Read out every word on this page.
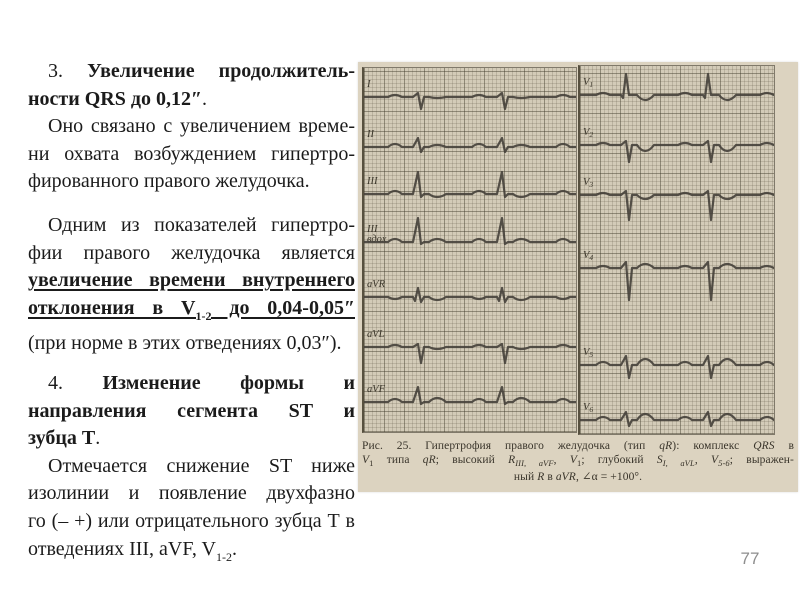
3. Увеличение продолжитель-
ности QRS до 0,12″.
Оно связано с увеличением време-
ни охвата возбуждением гипертро-
фированного правого желудочка.
Одним из показателей гипертро-
фии правого желудочка является
увеличение времени внутреннего
отклонения в $V_{1-2}$ до 0,04-0,05″
(при норме в этих отведениях 0,03″).
4. Изменение формы и
направления сегмента ST и
зубца Т.
Отмечается снижение ST ниже
изолинии и появление двухфазно
го (– +) или отрицательного зубца Т в
отведениях III, aVF, $V_{1-2}$.
I
II
III
III
вдох
aVR
aVL
aVF
V1
V2
V3
V4
V5
V6
Рис. 25. Гипертрофия правого желудочка (тип qR): комплекс QRS в
$V_1$ типа qR; высокий $R_{III, aVF}$, $V_1$; глубокий $S_{I, aVL}$, $V_{5-6}$; выражен-
ный R в aVR, ∠α = +100°.
77
